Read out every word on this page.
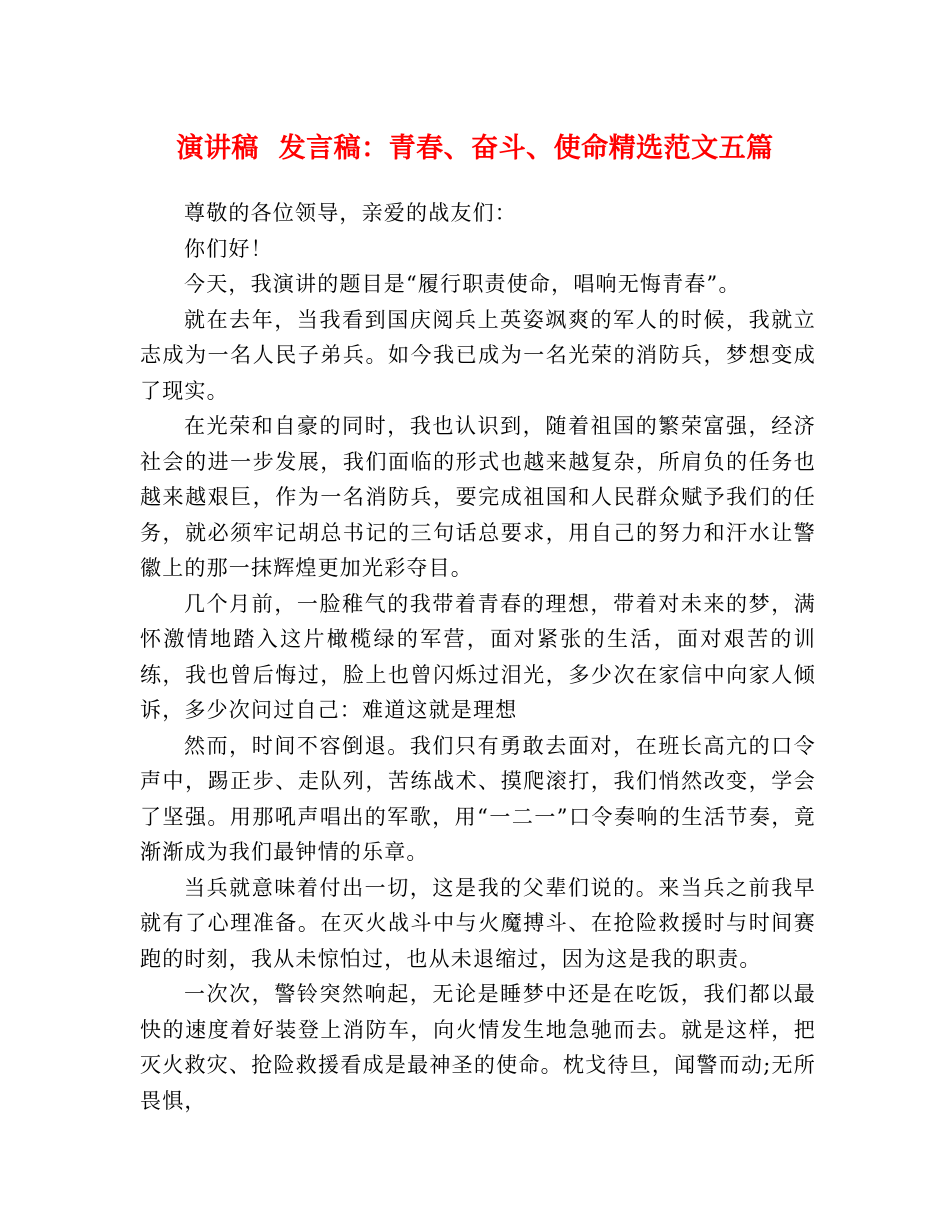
演讲稿  发言稿：青春、奋斗、使命精选范文五篇

尊敬的各位领导，亲爱的战友们：

你们好！

今天，我演讲的题目是“履行职责使命，唱响无悔青春”。

就在去年，当我看到国庆阅兵上英姿飒爽的军人的时候，我就立志成为一名人民子弟兵。如今我已成为一名光荣的消防兵，梦想变成了现实。

在光荣和自豪的同时，我也认识到，随着祖国的繁荣富强，经济社会的进一步发展，我们面临的形式也越来越复杂，所肩负的任务也越来越艰巨，作为一名消防兵，要完成祖国和人民群众赋予我们的任务，就必须牢记胡总书记的三句话总要求，用自己的努力和汗水让警徽上的那一抹辉煌更加光彩夺目。

几个月前，一脸稚气的我带着青春的理想，带着对未来的梦，满怀激情地踏入这片橄榄绿的军营，面对紧张的生活，面对艰苦的训练，我也曾后悔过，脸上也曾闪烁过泪光，多少次在家信中向家人倾诉，多少次问过自己：难道这就是理想

然而，时间不容倒退。我们只有勇敢去面对，在班长高亢的口令声中，踢正步、走队列，苦练战术、摸爬滚打，我们悄然改变，学会了坚强。用那吼声唱出的军歌，用“一二一”口令奏响的生活节奏，竟渐渐成为我们最钟情的乐章。

当兵就意味着付出一切，这是我的父辈们说的。来当兵之前我早就有了心理准备。在灭火战斗中与火魔搏斗、在抢险救援时与时间赛跑的时刻，我从未惊怕过，也从未退缩过，因为这是我的职责。

一次次，警铃突然响起，无论是睡梦中还是在吃饭，我们都以最快的速度着好装登上消防车，向火情发生地急驰而去。就是这样，把灭火救灾、抢险救援看成是最神圣的使命。枕戈待旦，闻警而动;无所畏惧，
